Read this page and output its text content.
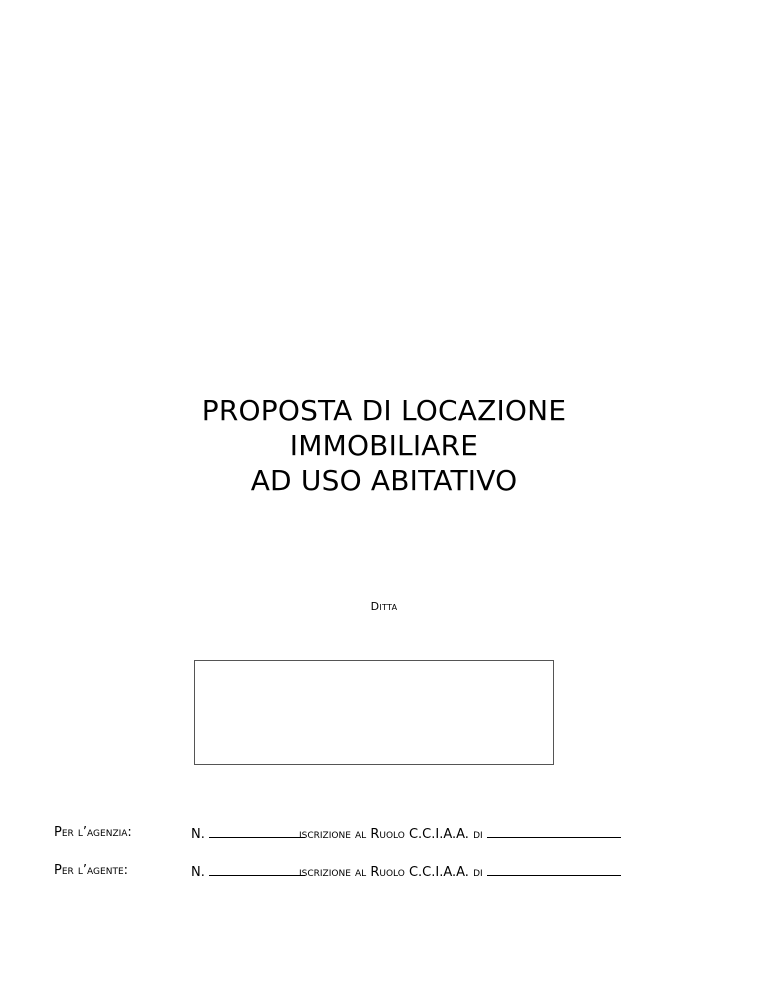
PROPOSTA DI LOCAZIONE
IMMOBILIARE
AD USO ABITATIVO
Ditta
Per l’agenzia:	N.	iscrizione al Ruolo C.C.I.A.A. di
Per l’agente:	N.	iscrizione al Ruolo C.C.I.A.A. di
